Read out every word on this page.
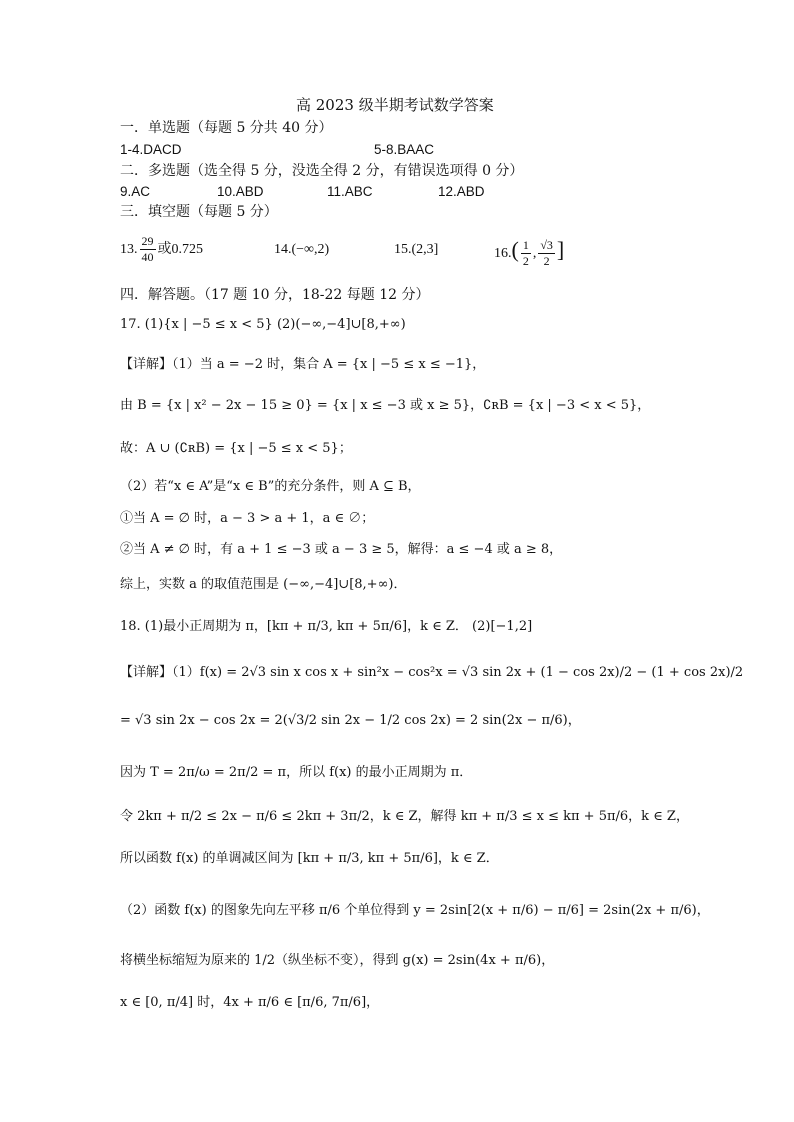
高 2023 级半期考试数学答案
一．单选题（每题 5 分共 40 分）
1-4.DACD	5-8.BAAC
二．多选题（选全得 5 分，没选全得 2 分，有错误选项得 0 分）
9.AC	10.ABD	11.ABC	12.ABD
三．填空题（每题 5 分）
13. $\frac{29}{40}$ 或0.725	14.(−∞,2)	15.(2,3]	$16.( \frac{1}{2}$ , $\frac{√3}{2}$ ]
四．解答题。（17 题 10 分，18-22 每题 12 分）
17. (1){x | −5 ≤ x < 5} (2)(−∞,−4]∪[8,+∞)
【详解】（1）当 a = −2 时，集合 A = {x | −5 ≤ x ≤ −1}，
由 B = {x | x² − 2x − 15 ≥ 0} = {x | x ≤ −3 或 x ≥ 5}，∁ʀB = {x | −3 < x < 5}，
故：A ∪ (∁ʀB) = {x | −5 ≤ x < 5}；
（2）若“x ∈ A”是“x ∈ B”的充分条件，则 A ⊆ B，
①当 A = ∅ 时，a − 3 > a + 1，a ∈ ∅；
②当 A ≠ ∅ 时，有 a + 1 ≤ −3 或 a − 3 ≥ 5，解得：a ≤ −4 或 a ≥ 8，
综上，实数 a 的取值范围是 (−∞,−4]∪[8,+∞)．
18. (1)最小正周期为 π，[kπ + π/3, kπ + 5π/6]，k ∈ Z． (2)[−1,2]
【详解】（1）f(x) = 2√3 sin x cos x + sin²x − cos²x = √3 sin 2x + (1 − cos 2x)/2 − (1 + cos 2x)/2
= √3 sin 2x − cos 2x = 2(√3/2 sin 2x − 1/2 cos 2x) = 2 sin(2x − π/6)，
因为 T = 2π/ω = 2π/2 = π，所以 f(x) 的最小正周期为 π．
令 2kπ + π/2 ≤ 2x − π/6 ≤ 2kπ + 3π/2，k ∈ Z，解得 kπ + π/3 ≤ x ≤ kπ + 5π/6，k ∈ Z，
所以函数 f(x) 的单调减区间为 [kπ + π/3, kπ + 5π/6]，k ∈ Z．
（2）函数 f(x) 的图象先向左平移 π/6 个单位得到 y = 2sin[2(x + π/6) − π/6] = 2sin(2x + π/6)，
将横坐标缩短为原来的 1/2（纵坐标不变），得到 g(x) = 2sin(4x + π/6)，
x ∈ [0, π/4] 时，4x + π/6 ∈ [π/6, 7π/6]，
